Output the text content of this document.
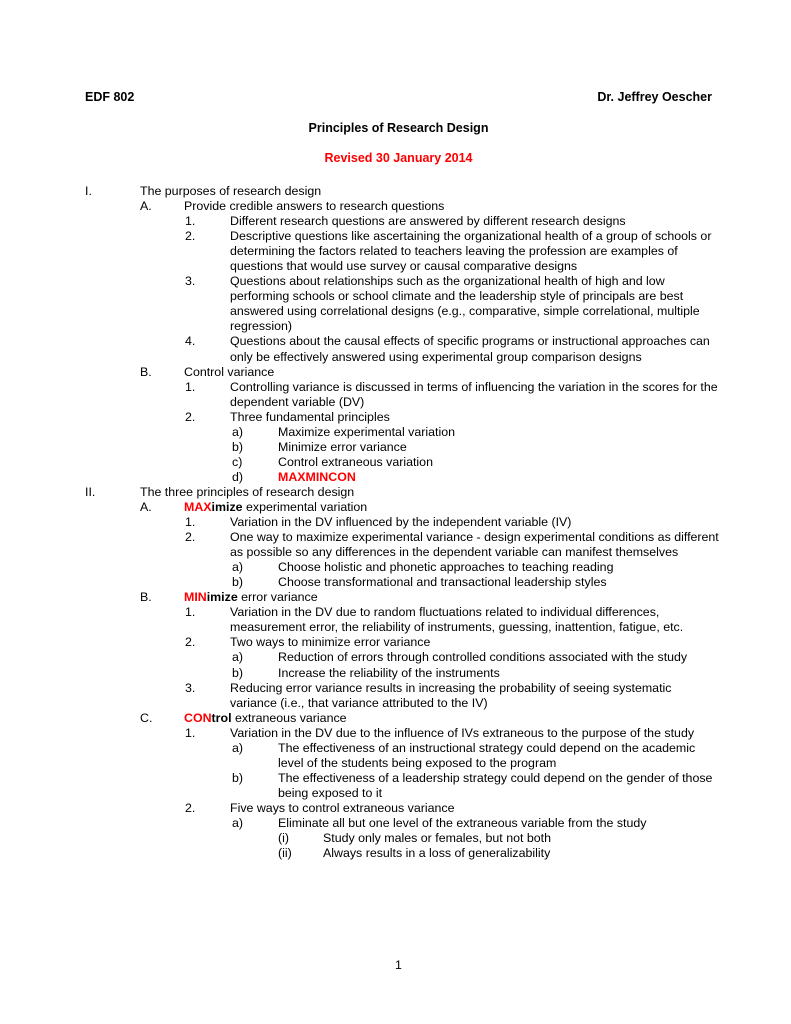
EDF 802	Dr. Jeffrey Oescher
Principles of Research Design
Revised 30 January 2014
I.	The purposes of research design
A.	Provide credible answers to research questions
1.	Different research questions are answered by different research designs
2.	Descriptive questions like ascertaining the organizational health of a group of schools or determining the factors related to teachers leaving the profession are examples of questions that would use survey or causal comparative designs
3.	Questions about relationships such as the organizational health of high and low performing schools or school climate and the leadership style of principals are best answered using correlational designs (e.g., comparative, simple correlational, multiple regression)
4.	Questions about the causal effects of specific programs or instructional approaches can only be effectively answered using experimental group comparison designs
B.	Control variance
1.	Controlling variance is discussed in terms of influencing the variation in the scores for the dependent variable (DV)
2.	Three fundamental principles
a)	Maximize experimental variation
b)	Minimize error variance
c)	Control extraneous variation
d)	MAXMINCON
II.	The three principles of research design
A.	MAXimize experimental variation
1.	Variation in the DV influenced by the independent variable (IV)
2.	One way to maximize experimental variance - design experimental conditions as different as possible so any differences in the dependent variable can manifest themselves
a)	Choose holistic and phonetic approaches to teaching reading
b)	Choose transformational and transactional leadership styles
B.	MINimize error variance
1.	Variation in the DV due to random fluctuations related to individual differences, measurement error, the reliability of instruments, guessing, inattention, fatigue, etc.
2.	Two ways to minimize error variance
a)	Reduction of errors through controlled conditions associated with the study
b)	Increase the reliability of the instruments
3.	Reducing error variance results in increasing the probability of seeing systematic variance (i.e., that variance attributed to the IV)
C.	CONtrol extraneous variance
1.	Variation in the DV due to the influence of IVs extraneous to the purpose of the study
a)	The effectiveness of an instructional strategy could depend on the academic level of the students being exposed to the program
b)	The effectiveness of a leadership strategy could depend on the gender of those being exposed to it
2.	Five ways to control extraneous variance
a)	Eliminate all but one level of the extraneous variable from the study
(i)	Study only males or females, but not both
(ii)	Always results in a loss of generalizability
1
